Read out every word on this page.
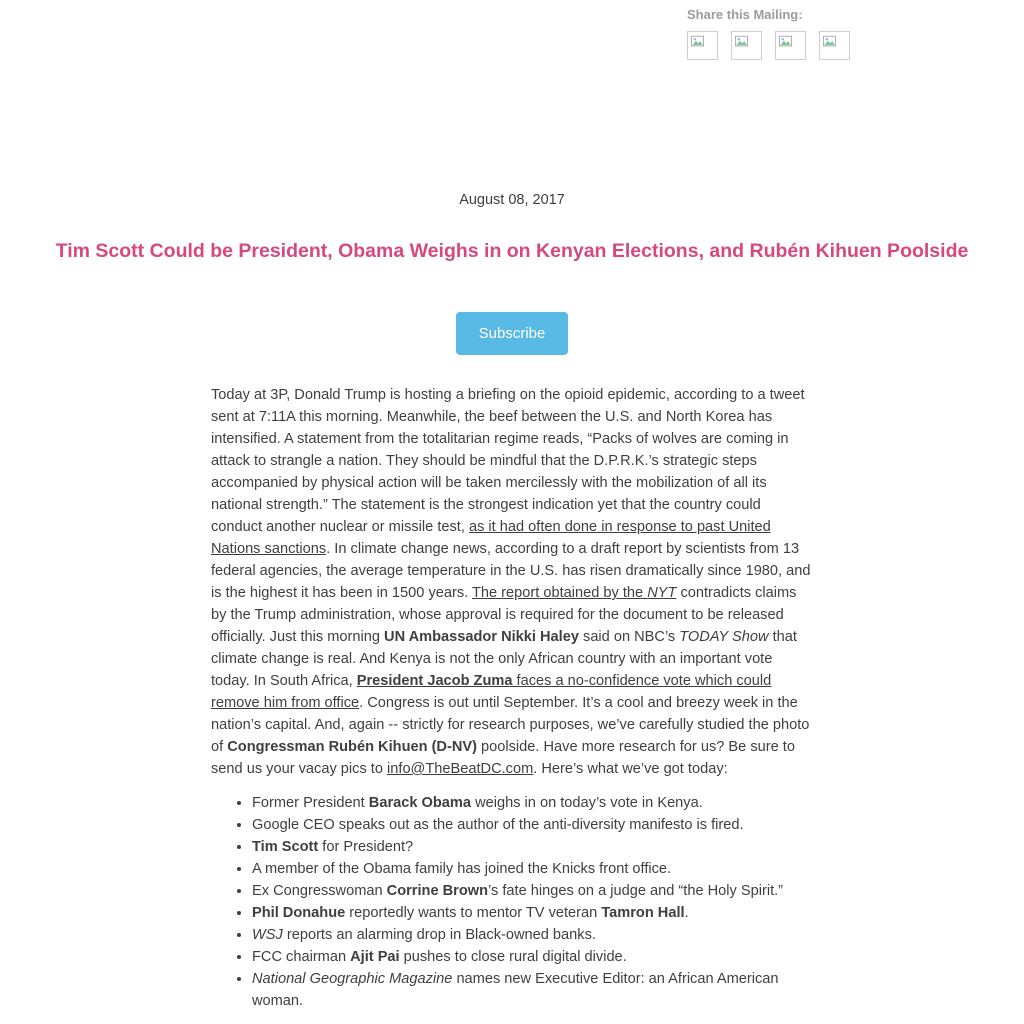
Share this Mailing:
August 08, 2017
Tim Scott Could be President, Obama Weighs in on Kenyan Elections, and Rubén Kihuen Poolside
Subscribe

Today at 3P, Donald Trump is hosting a briefing on the opioid epidemic, according to a tweet sent at 7:11A this morning. Meanwhile, the beef between the U.S. and North Korea has intensified. A statement from the totalitarian regime reads, “Packs of wolves are coming in attack to strangle a nation. They should be mindful that the D.P.R.K.’s strategic steps accompanied by physical action will be taken mercilessly with the mobilization of all its national strength.” The statement is the strongest indication yet that the country could conduct another nuclear or missile test, as it had often done in response to past United Nations sanctions. In climate change news, according to a draft report by scientists from 13 federal agencies, the average temperature in the U.S. has risen dramatically since 1980, and is the highest it has been in 1500 years. The report obtained by the NYT contradicts claims by the Trump administration, whose approval is required for the document to be released officially. Just this morning UN Ambassador Nikki Haley said on NBC’s TODAY Show that climate change is real. And Kenya is not the only African country with an important vote today. In South Africa, President Jacob Zuma faces a no-confidence vote which could remove him from office. Congress is out until September. It’s a cool and breezy week in the nation’s capital. And, again -- strictly for research purposes, we’ve carefully studied the photo of Congressman Rubén Kihuen (D-NV) poolside. Have more research for us? Be sure to send us your vacay pics to info@TheBeatDC.com. Here’s what we’ve got today:

• Former President Barack Obama weighs in on today’s vote in Kenya.
• Google CEO speaks out as the author of the anti-diversity manifesto is fired.
• Tim Scott for President?
• A member of the Obama family has joined the Knicks front office.
• Ex Congresswoman Corrine Brown’s fate hinges on a judge and “the Holy Spirit.”
• Phil Donahue reportedly wants to mentor TV veteran Tamron Hall.
• WSJ reports an alarming drop in Black-owned banks.
• FCC chairman Ajit Pai pushes to close rural digital divide.
• National Geographic Magazine names new Executive Editor: an African American woman.
